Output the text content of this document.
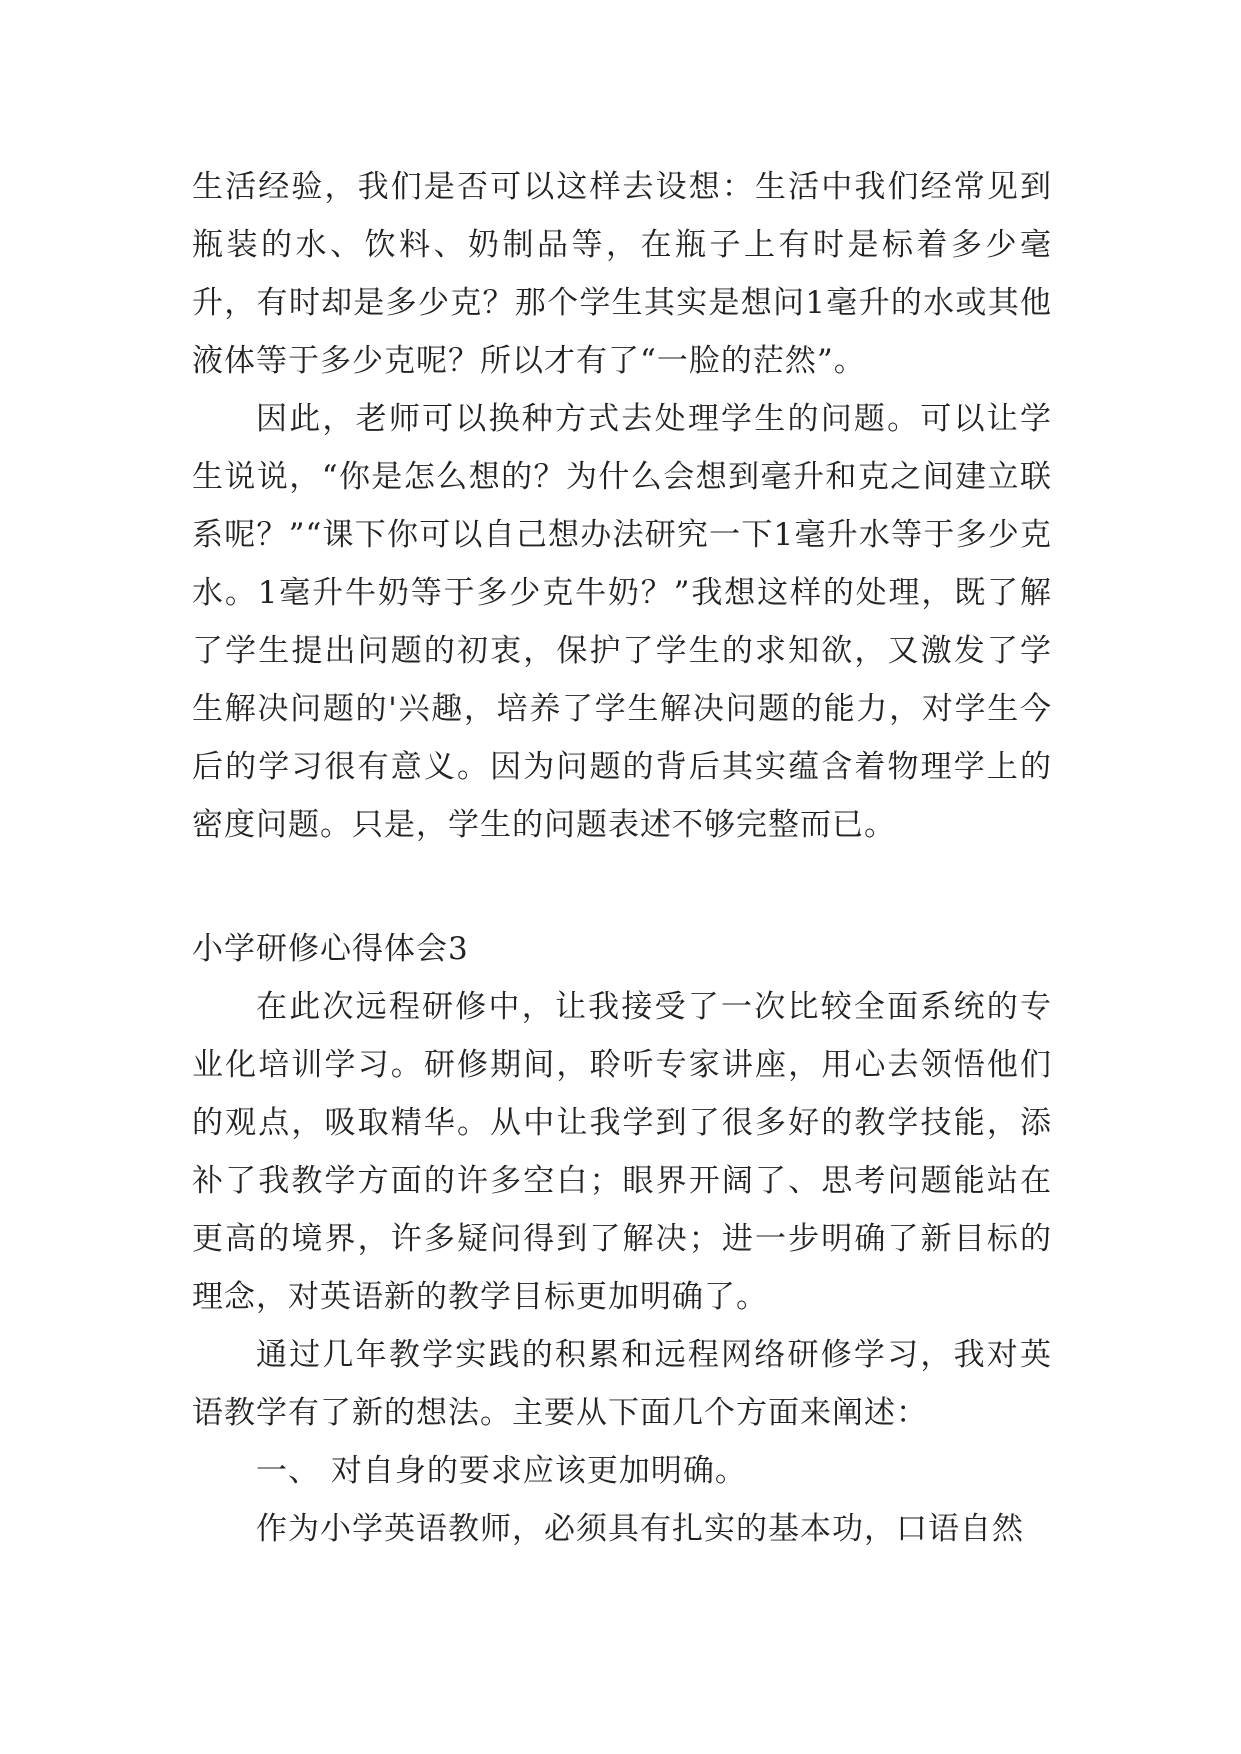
生活经验，我们是否可以这样去设想：生活中我们经常见到瓶装的水、饮料、奶制品等，在瓶子上有时是标着多少毫升，有时却是多少克？那个学生其实是想问1毫升的水或其他液体等于多少克呢？所以才有了“一脸的茫然”。

因此，老师可以换种方式去处理学生的问题。可以让学生说说，“你是怎么想的？为什么会想到毫升和克之间建立联系呢？”“课下你可以自己想办法研究一下1毫升水等于多少克水。1毫升牛奶等于多少克牛奶？”我想这样的处理，既了解了学生提出问题的初衷，保护了学生的求知欲，又激发了学生解决问题的'兴趣，培养了学生解决问题的能力，对学生今后的学习很有意义。因为问题的背后其实蕴含着物理学上的密度问题。只是，学生的问题表述不够完整而已。

小学研修心得体会3

在此次远程研修中，让我接受了一次比较全面系统的专业化培训学习。研修期间，聆听专家讲座，用心去领悟他们的观点，吸取精华。从中让我学到了很多好的教学技能，添补了我教学方面的许多空白；眼界开阔了、思考问题能站在更高的境界，许多疑问得到了解决；进一步明确了新目标的理念，对英语新的教学目标更加明确了。

通过几年教学实践的积累和远程网络研修学习，我对英语教学有了新的想法。主要从下面几个方面来阐述：

一、 对自身的要求应该更加明确。

作为小学英语教师，必须具有扎实的基本功，口语自然
